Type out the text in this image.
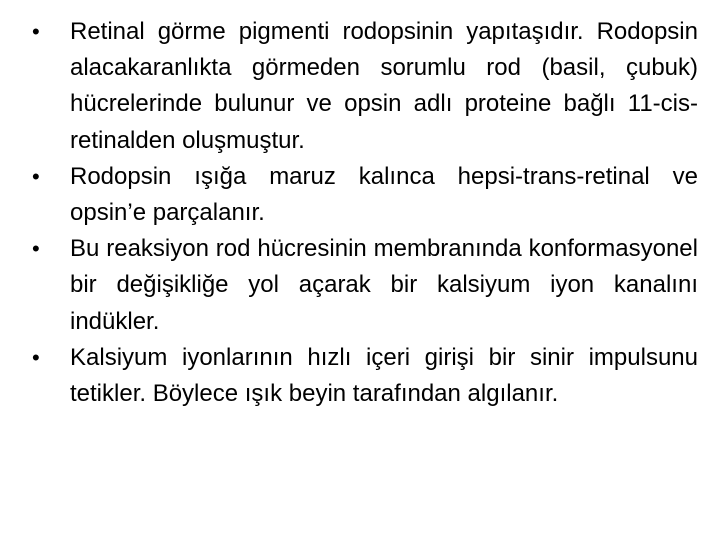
•	Retinal görme pigmenti rodopsinin yapıtaşıdır. Rodopsin alacakaranlıkta görmeden sorumlu rod (basil, çubuk) hücrelerinde bulunur ve opsin adlı proteine bağlı 11-cis-retinalden oluşmuştur.
•	Rodopsin ışığa maruz kalınca hepsi-trans-retinal ve opsin’e parçalanır.
•	Bu reaksiyon rod hücresinin membranında konformasyonel bir değişikliğe yol açarak bir kalsiyum iyon kanalını indükler.
•	Kalsiyum iyonlarının hızlı içeri girişi bir sinir impulsunu tetikler. Böylece ışık beyin tarafından algılanır.
